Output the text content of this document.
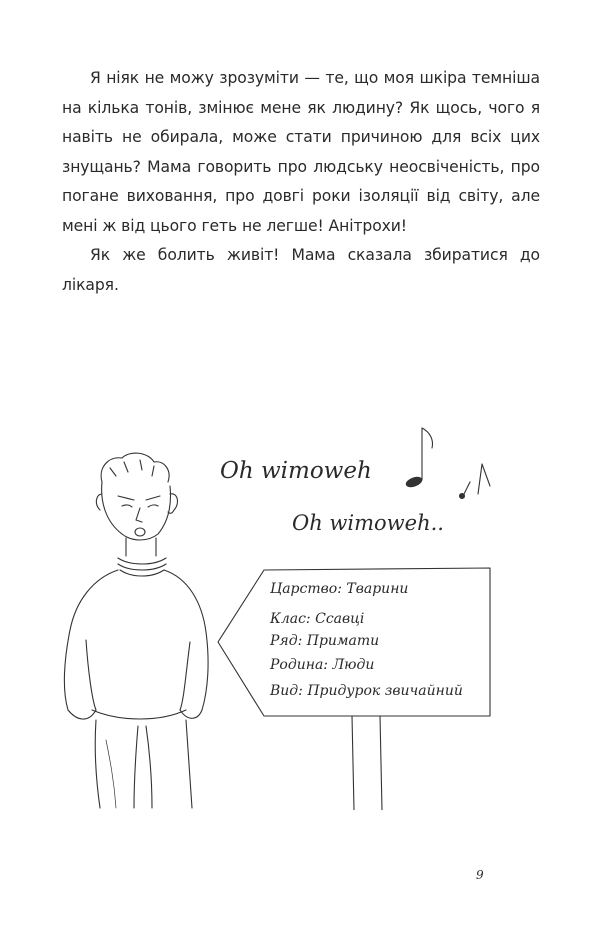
Я ніяк не можу зрозуміти — те, що моя шкіра темніша на кілька тонів, змінює мене як людину? Як щось, чого я навіть не обирала, може стати причиною для всіх цих знущань? Мама говорить про людську неосвіченість, про погане виховання, про довгі роки ізоляції від світу, але мені ж від цього геть не легше! Анітрохи!

Як же болить живіт! Мама сказала збиратися до лікаря.

Oh wimoweh
Oh wimoweh..
Царство: Тварини
Клас: Ссавці
Ряд: Примати
Родина: Люди
Вид: Придурок звичайний
9
